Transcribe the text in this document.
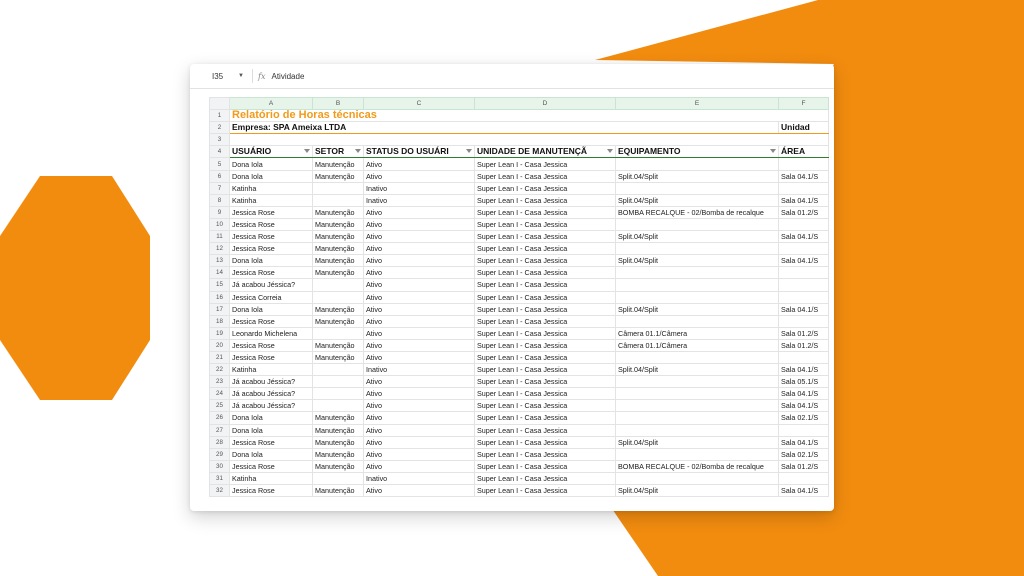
I35 ▼ fx Atividade
	A	B	C	D	E	F
1	Relatório de Horas técnicas					
2	Empresa: SPA Ameixa LTDA					Unidad
3						
4	USUÁRIO	SETOR	STATUS DO USUÁRI	UNIDADE DE MANUTENÇÃ	EQUIPAMENTO	ÁREA
5	Dona Iola	Manutenção	Ativo	Super Lean I - Casa Jessica		
6	Dona Iola	Manutenção	Ativo	Super Lean I - Casa Jessica	Split.04/Split	Sala 04.1/S
7	Katinha		Inativo	Super Lean I - Casa Jessica		
8	Katinha		Inativo	Super Lean I - Casa Jessica	Split.04/Split	Sala 04.1/S
9	Jessica Rose	Manutenção	Ativo	Super Lean I - Casa Jessica	BOMBA RECALQUE - 02/Bomba de recalque	Sala 01.2/S
10	Jessica Rose	Manutenção	Ativo	Super Lean I - Casa Jessica		
11	Jessica Rose	Manutenção	Ativo	Super Lean I - Casa Jessica	Split.04/Split	Sala 04.1/S
12	Jessica Rose	Manutenção	Ativo	Super Lean I - Casa Jessica		
13	Dona Iola	Manutenção	Ativo	Super Lean I - Casa Jessica	Split.04/Split	Sala 04.1/S
14	Jessica Rose	Manutenção	Ativo	Super Lean I - Casa Jessica		
15	Já acabou Jéssica?		Ativo	Super Lean I - Casa Jessica		
16	Jessica Correia		Ativo	Super Lean I - Casa Jessica		
17	Dona Iola	Manutenção	Ativo	Super Lean I - Casa Jessica	Split.04/Split	Sala 04.1/S
18	Jessica Rose	Manutenção	Ativo	Super Lean I - Casa Jessica		
19	Leonardo Michelena		Ativo	Super Lean I - Casa Jessica	Câmera 01.1/Câmera	Sala 01.2/S
20	Jessica Rose	Manutenção	Ativo	Super Lean I - Casa Jessica	Câmera 01.1/Câmera	Sala 01.2/S
21	Jessica Rose	Manutenção	Ativo	Super Lean I - Casa Jessica		
22	Katinha		Inativo	Super Lean I - Casa Jessica	Split.04/Split	Sala 04.1/S
23	Já acabou Jéssica?		Ativo	Super Lean I - Casa Jessica		Sala 05.1/S
24	Já acabou Jéssica?		Ativo	Super Lean I - Casa Jessica		Sala 04.1/S
25	Já acabou Jéssica?		Ativo	Super Lean I - Casa Jessica		Sala 04.1/S
26	Dona Iola	Manutenção	Ativo	Super Lean I - Casa Jessica		Sala 02.1/S
27	Dona Iola	Manutenção	Ativo	Super Lean I - Casa Jessica		
28	Jessica Rose	Manutenção	Ativo	Super Lean I - Casa Jessica	Split.04/Split	Sala 04.1/S
29	Dona Iola	Manutenção	Ativo	Super Lean I - Casa Jessica		Sala 02.1/S
30	Jessica Rose	Manutenção	Ativo	Super Lean I - Casa Jessica	BOMBA RECALQUE - 02/Bomba de recalque	Sala 01.2/S
31	Katinha		Inativo	Super Lean I - Casa Jessica		
32	Jessica Rose	Manutenção	Ativo	Super Lean I - Casa Jessica	Split.04/Split	Sala 04.1/S
